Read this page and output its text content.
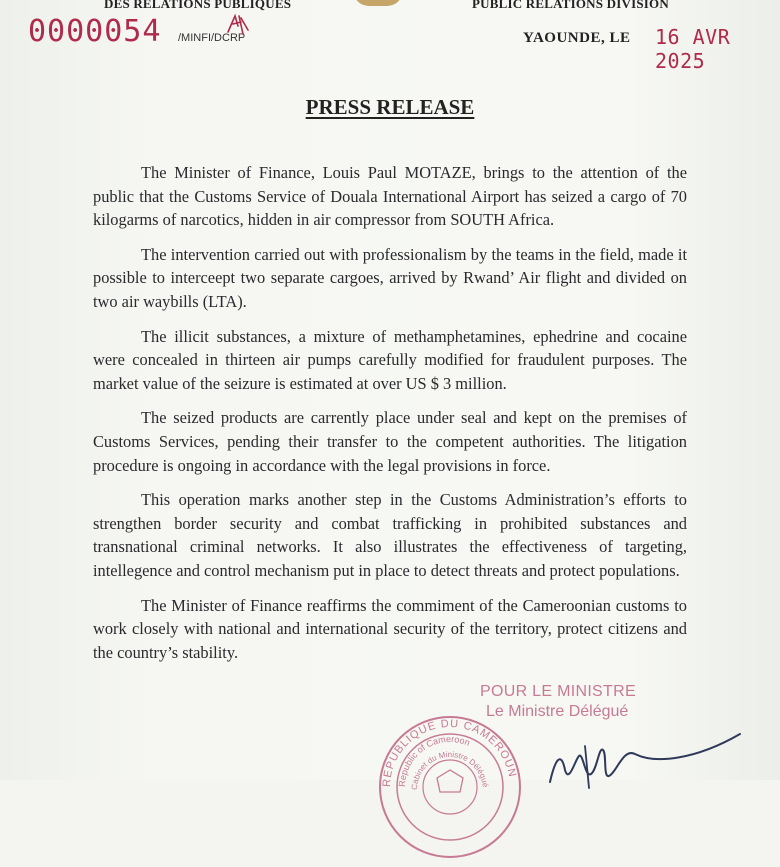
DES RELATIONS PUBLIQUES	PUBLIC RELATIONS DIVISION
0000054 /MINFI/DCRP	YAOUNDE, LE 16 AVR 2025
PRESS RELEASE

The Minister of Finance, Louis Paul MOTAZE, brings to the attention of the public that the Customs Service of Douala International Airport has seized a cargo of 70 kilogarms of narcotics, hidden in air compressor from SOUTH Africa.

The intervention carried out with professionalism by the teams in the field, made it possible to interceept two separate cargoes, arrived by Rwand’ Air flight and divided on two air waybills (LTA).

The illicit substances, a mixture of methamphetamines, ephedrine and cocaine were concealed in thirteen air pumps carefully modified for fraudulent purposes. The market value of the seizure is estimated at over US $ 3 million.

The seized products are carrently place under seal and kept on the premises of Customs Services, pending their transfer to the competent authorities. The litigation procedure is ongoing in accordance with the legal provisions in force.

This operation marks another step in the Customs Administration’s efforts to strengthen border security and combat trafficking in prohibited substances and transnational criminal networks. It also illustrates the effectiveness of targeting, intellegence and control mechanism put in place to detect threats and protect populations.

The Minister of Finance reaffirms the commiment of the Cameroonian customs to work closely with national and international security of the territory, protect citizens and the country’s stability.

POUR LE MINISTRE
Le Ministre Délégué
REPUBLIQUE DU CAMEROUN
Republic of Cameroon
Cabinet du Ministre Délégué
